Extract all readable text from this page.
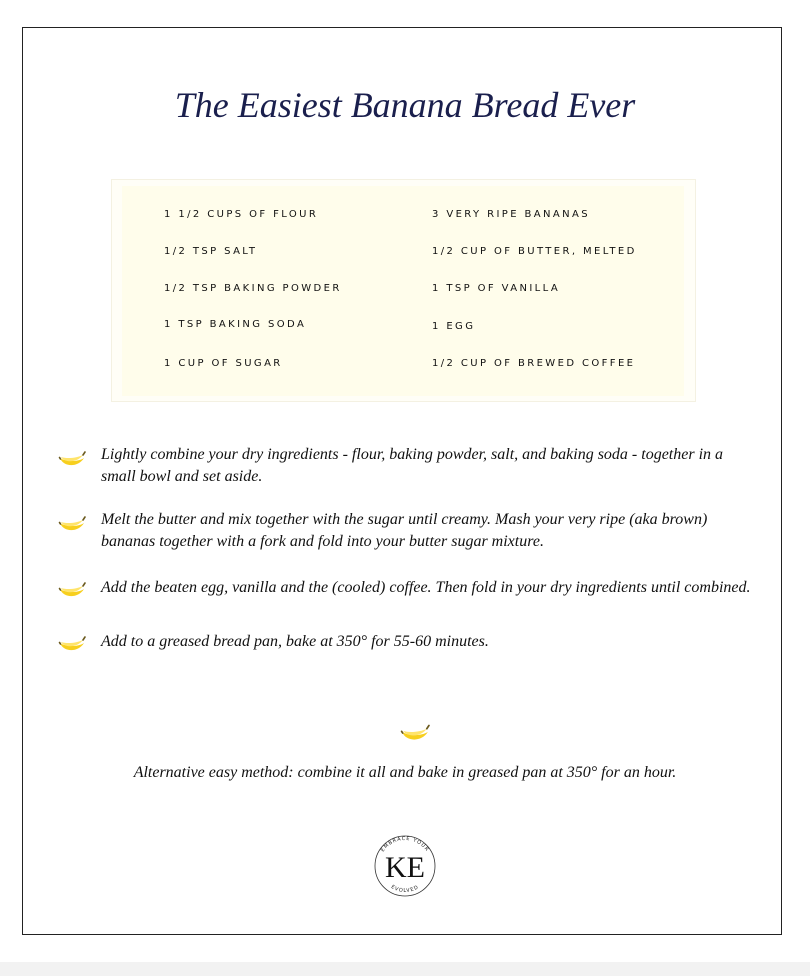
The Easiest Banana Bread Ever
1 1/2 CUPS OF FLOUR
1/2 TSP SALT
1/2 TSP BAKING POWDER
1 TSP BAKING SODA
1 CUP OF SUGAR
3 VERY RIPE BANANAS
1/2 CUP OF BUTTER, MELTED
1 TSP OF VANILLA
1 EGG
1/2 CUP OF BREWED COFFEE
Lightly combine your dry ingredients - flour, baking powder, salt, and baking soda - together in a small bowl and set aside.
Melt the butter and mix together with the sugar until creamy. Mash your very ripe (aka brown) bananas together with a fork and fold into your butter sugar mixture.
Add the beaten egg, vanilla and the (cooled) coffee. Then fold in your dry ingredients until combined.
Add to a greased bread pan, bake at 350° for 55-60 minutes.
Alternative easy method: combine it all and bake in greased pan at 350° for an hour.
EMBRACE YOUR
EVOLVED
KE
